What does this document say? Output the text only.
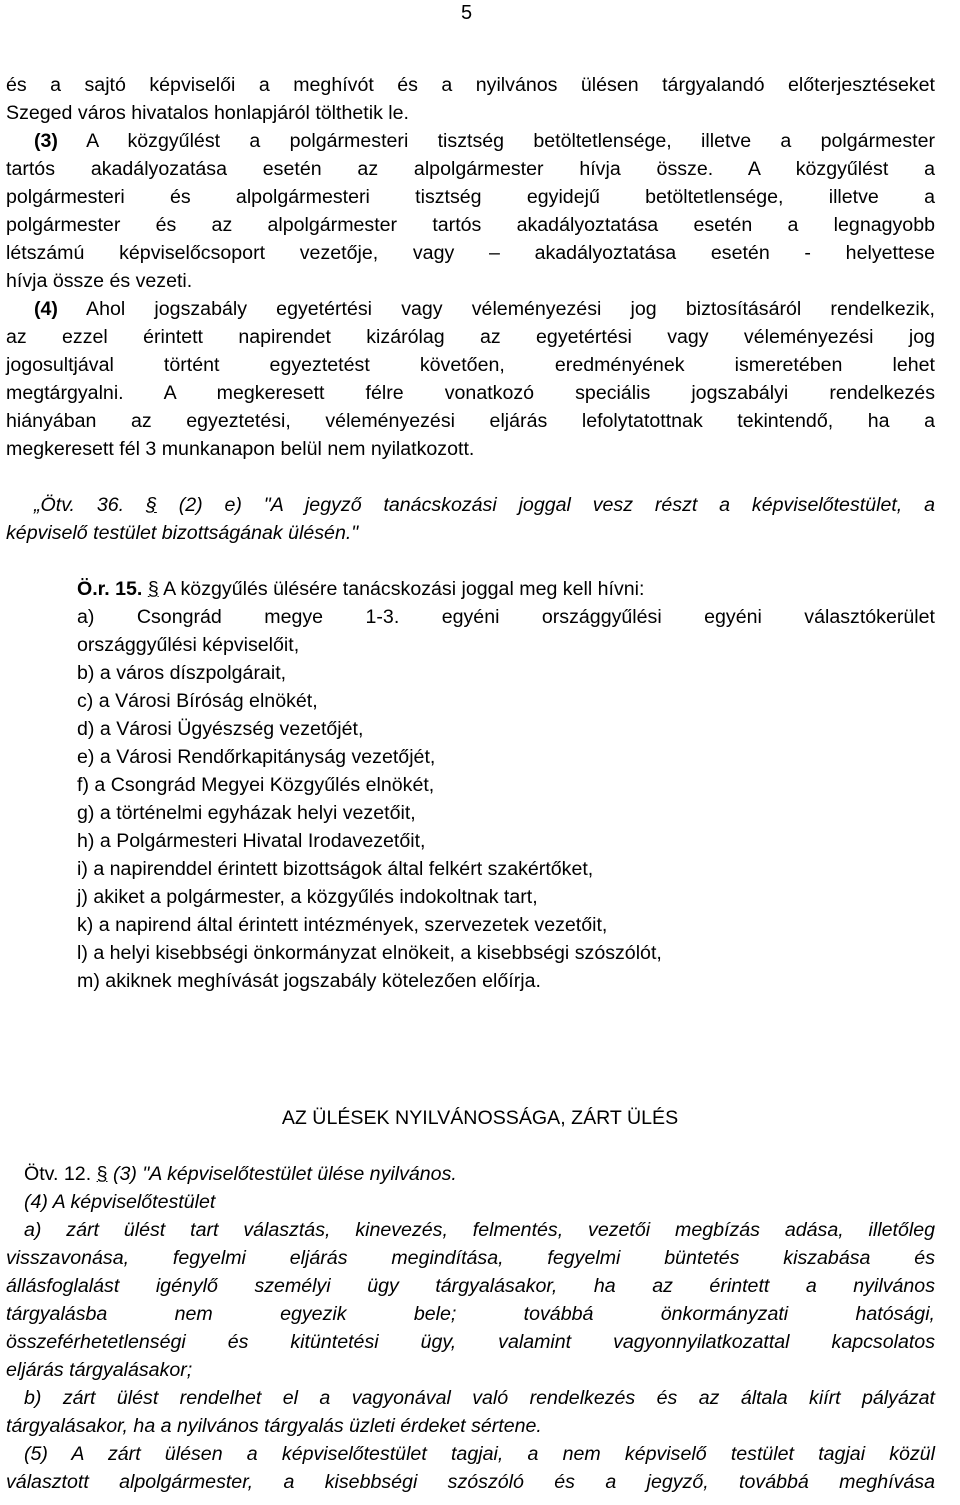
5
és a sajtó képviselői a meghívót és a nyilvános ülésen tárgyalandó előterjesztéseket
Szeged város hivatalos honlapjáról tölthetik le.
(3) A közgyűlést a polgármesteri tisztség betöltetlensége, illetve a polgármester
tartós akadályozatása esetén az alpolgármester hívja össze. A közgyűlést a
polgármesteri és alpolgármesteri tisztség egyidejű betöltetlensége, illetve a
polgármester és az alpolgármester tartós akadályoztatása esetén a legnagyobb
létszámú képviselőcsoport vezetője, vagy – akadályoztatása esetén - helyettese
hívja össze és vezeti.
(4) Ahol jogszabály egyetértési vagy véleményezési jog biztosításáról rendelkezik,
az ezzel érintett napirendet kizárólag az egyetértési vagy véleményezési jog
jogosultjával történt egyeztetést követően, eredményének ismeretében lehet
megtárgyalni. A megkeresett félre vonatkozó speciális jogszabályi rendelkezés
hiányában az egyeztetési, véleményezési eljárás lefolytatottnak tekintendő, ha a
megkeresett fél 3 munkanapon belül nem nyilatkozott.
„Ötv. 36. § (2) e) "A jegyző tanácskozási joggal vesz részt a képviselőtestület, a
képviselő testület bizottságának ülésén."
Ö.r. 15. § A közgyűlés ülésére tanácskozási joggal meg kell hívni:
a) Csongrád megye 1-3. egyéni országgyűlési egyéni választókerület
országgyűlési képviselőit,
b) a város díszpolgárait,
c) a Városi Bíróság elnökét,
d) a Városi Ügyészség vezetőjét,
e) a Városi Rendőrkapitányság vezetőjét,
f) a Csongrád Megyei Közgyűlés elnökét,
g) a történelmi egyházak helyi vezetőit,
h) a Polgármesteri Hivatal Irodavezetőit,
i) a napirenddel érintett bizottságok által felkért szakértőket,
j) akiket a polgármester, a közgyűlés indokoltnak tart,
k) a napirend által érintett intézmények, szervezetek vezetőit,
l) a helyi kisebbségi önkormányzat elnökeit, a kisebbségi szószólót,
m) akiknek meghívását jogszabály kötelezően előírja.
AZ ÜLÉSEK NYILVÁNOSSÁGA, ZÁRT ÜLÉS
Ötv. 12. § (3) "A képviselőtestület ülése nyilvános.
(4) A képviselőtestület
a) zárt ülést tart választás, kinevezés, felmentés, vezetői megbízás adása, illetőleg
visszavonása, fegyelmi eljárás megindítása, fegyelmi büntetés kiszabása és
állásfoglalást igénylő személyi ügy tárgyalásakor, ha az érintett a nyilvános
tárgyalásba nem egyezik bele; továbbá önkormányzati hatósági,
összeférhetetlenségi és kitüntetési ügy, valamint vagyonnyilatkozattal kapcsolatos
eljárás tárgyalásakor;
b) zárt ülést rendelhet el a vagyonával való rendelkezés és az általa kiírt pályázat
tárgyalásakor, ha a nyilvános tárgyalás üzleti érdeket sértene.
(5) A zárt ülésen a képviselőtestület tagjai, a nem képviselő testület tagjai közül
választott alpolgármester, a kisebbségi szószóló és a jegyző, továbbá meghívása
